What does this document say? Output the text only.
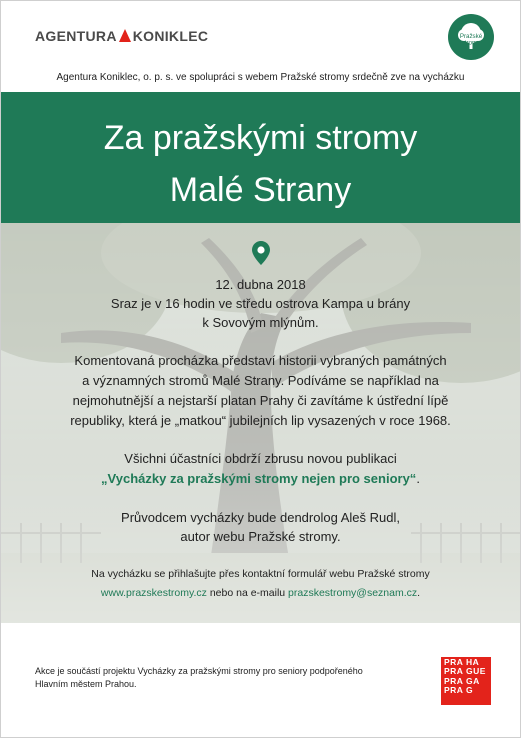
AGENTURA KONIKLEC	Pražské
stromy
Agentura Koniklec, o. p. s. ve spolupráci s webem Pražské stromy srdečně zve na vycházku
Za pražskými stromy
Malé Strany
12. dubna 2018
Sraz je v 16 hodin ve středu ostrova Kampa u brány
k Sovovým mlýnům.
Komentovaná procházka představí historii vybraných památných
a významných stromů Malé Strany. Podíváme se například na
nejmohutnější a nejstarší platan Prahy či zavítáme k ústřední lípě
republiky, která je „matkou“ jubilejních lip vysazených v roce 1968.
Všichni účastníci obdrží zbrusu novou publikaci
„Vycházky za pražskými stromy nejen pro seniory“.
Průvodcem vycházky bude dendrolog Aleš Rudl,
autor webu Pražské stromy.
Na vycházku se přihlašujte přes kontaktní formulář webu Pražské stromy
www.prazskestromy.cz nebo na e-mailu prazskestromy@seznam.cz.
Akce je součástí projektu Vycházky za pražskými stromy pro seniory podpořeného
Hlavním městem Prahou.
PRA HA
PRA GUE
PRA GA
PRA G
